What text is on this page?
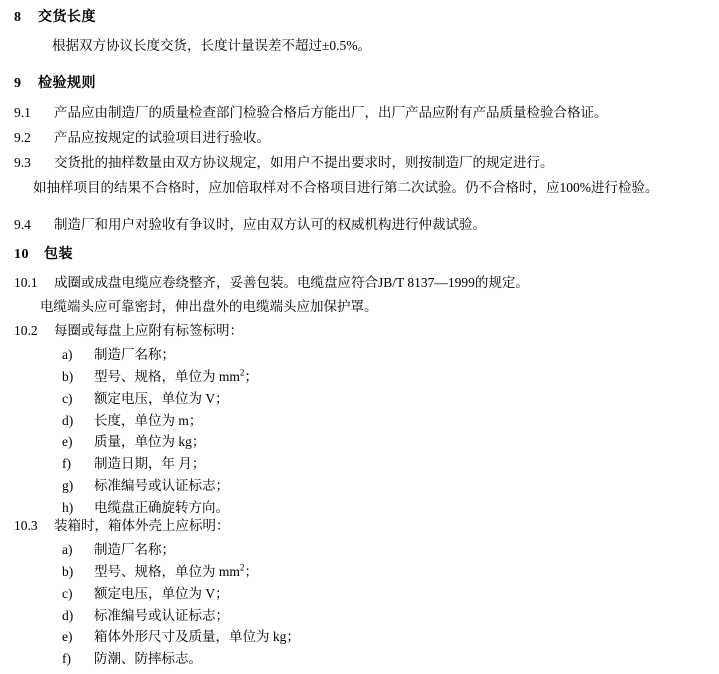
8 交货长度
根据双方协议长度交货，长度计量误差不超过±0.5%。
9 检验规则
9.1 产品应由制造厂的质量检查部门检验合格后方能出厂，出厂产品应附有产品质量检验合格证。
9.2 产品应按规定的试验项目进行验收。
9.3 交货批的抽样数量由双方协议规定，如用户不提出要求时，则按制造厂的规定进行。
如抽样项目的结果不合格时，应加倍取样对不合格项目进行第二次试验。仍不合格时，应100%进行检验。
9.4 制造厂和用户对验收有争议时，应由双方认可的权威机构进行仲裁试验。
10 包装
10.1 成圈或成盘电缆应卷绕整齐，妥善包装。电缆盘应符合JB/T 8137—1999的规定。
电缆端头应可靠密封，伸出盘外的电缆端头应加保护罩。
10.2 每圈或每盘上应附有标签标明：
a) 制造厂名称；
b) 型号、规格，单位为 $mm^2$；
c) 额定电压，单位为 V；
d) 长度，单位为 m；
e) 质量，单位为 kg；
f) 制造日期，年 月；
g) 标准编号或认证标志；
h) 电缆盘正确旋转方向。
10.3 装箱时，箱体外壳上应标明：
a) 制造厂名称；
b) 型号、规格，单位为 $mm^2$；
c) 额定电压，单位为 V；
d) 标准编号或认证标志；
e) 箱体外形尺寸及质量，单位为 kg；
f) 防潮、防摔标志。
